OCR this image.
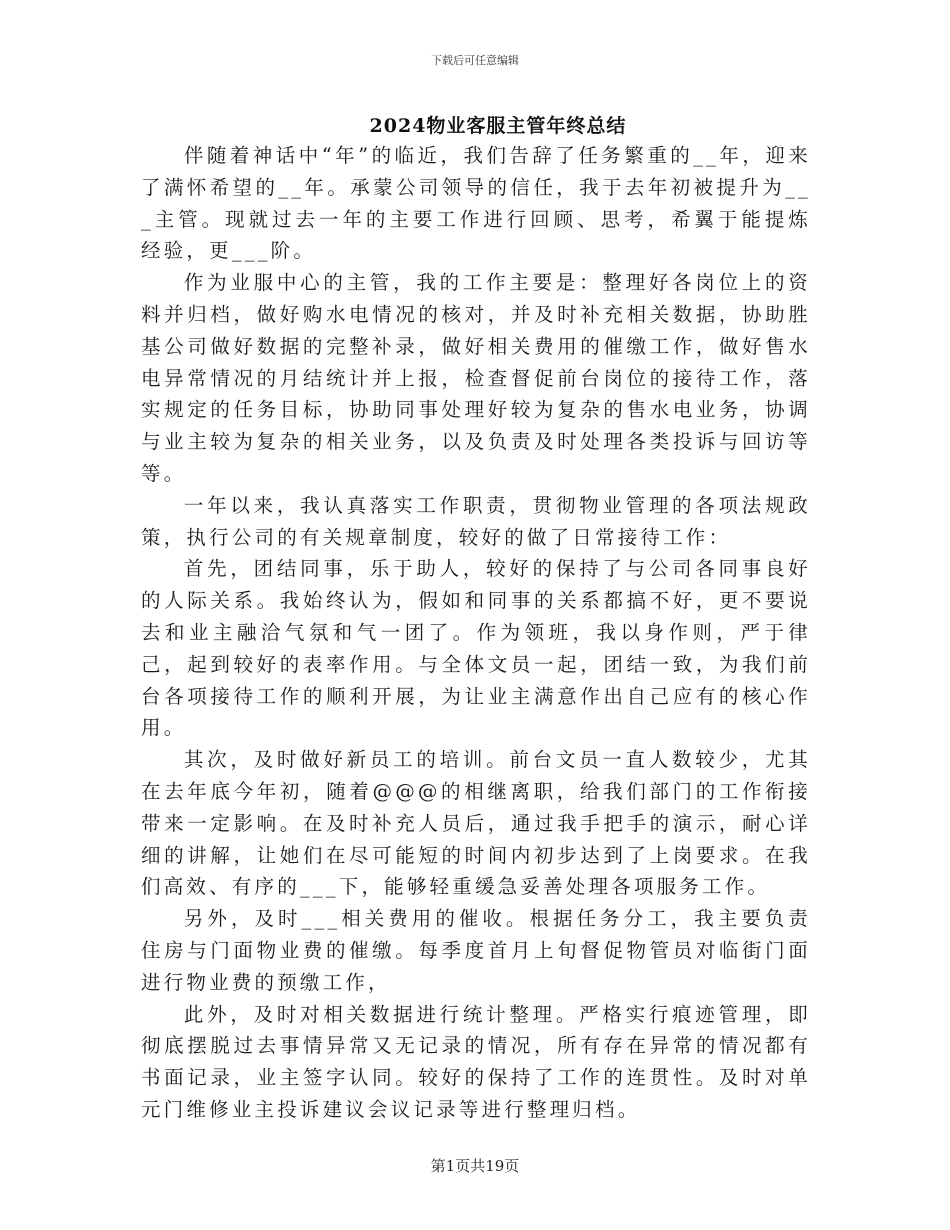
下载后可任意编辑
2024物业客服主管年终总结

伴随着神话中“年”的临近，我们告辞了任务繁重的__年，迎来了满怀希望的__年。承蒙公司领导的信任，我于去年初被提升为___主管。现就过去一年的主要工作进行回顾、思考，希翼于能提炼经验，更___阶。

作为业服中心的主管，我的工作主要是：整理好各岗位上的资料并归档，做好购水电情况的核对，并及时补充相关数据，协助胜基公司做好数据的完整补录，做好相关费用的催缴工作，做好售水电异常情况的月结统计并上报，检查督促前台岗位的接待工作，落实规定的任务目标，协助同事处理好较为复杂的售水电业务，协调与业主较为复杂的相关业务，以及负责及时处理各类投诉与回访等等。

一年以来，我认真落实工作职责，贯彻物业管理的各项法规政策，执行公司的有关规章制度，较好的做了日常接待工作：

首先，团结同事，乐于助人，较好的保持了与公司各同事良好的人际关系。我始终认为，假如和同事的关系都搞不好，更不要说去和业主融洽气氛和气一团了。作为领班，我以身作则，严于律己，起到较好的表率作用。与全体文员一起，团结一致，为我们前台各项接待工作的顺利开展，为让业主满意作出自己应有的核心作用。

其次，及时做好新员工的培训。前台文员一直人数较少，尤其在去年底今年初，随着@@@的相继离职，给我们部门的工作衔接带来一定影响。在及时补充人员后，通过我手把手的演示，耐心详细的讲解，让她们在尽可能短的时间内初步达到了上岗要求。在我们高效、有序的___下，能够轻重缓急妥善处理各项服务工作。

另外，及时___相关费用的催收。根据任务分工，我主要负责住房与门面物业费的催缴。每季度首月上旬督促物管员对临街门面进行物业费的预缴工作，

此外，及时对相关数据进行统计整理。严格实行痕迹管理，即彻底摆脱过去事情异常又无记录的情况，所有存在异常的情况都有书面记录，业主签字认同。较好的保持了工作的连贯性。及时对单元门维修业主投诉建议会议记录等进行整理归档。

第1页共19页
